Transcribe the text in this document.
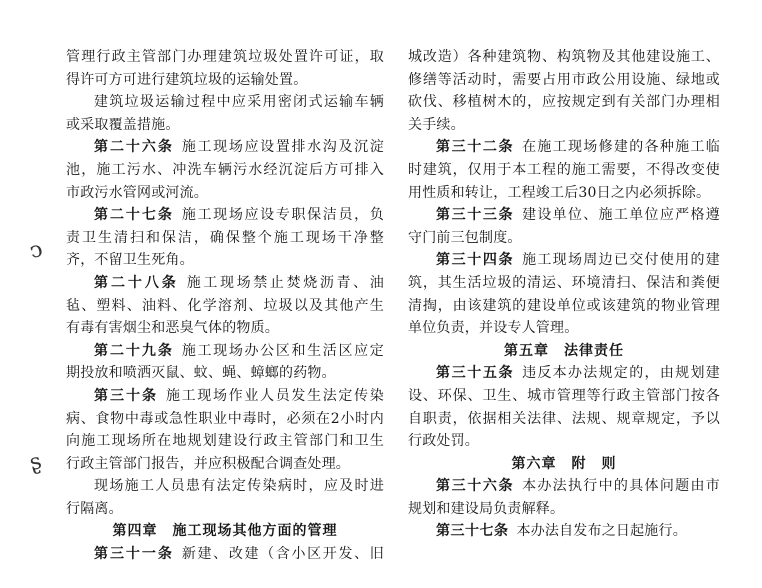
管理行政主管部门办理建筑垃圾处置许可证，取
得许可方可进行建筑垃圾的运输处置。
建筑垃圾运输过程中应采用密闭式运输车辆
或采取覆盖措施。
第二十六条 施工现场应设置排水沟及沉淀
池，施工污水、冲洗车辆污水经沉淀后方可排入
市政污水管网或河流。
第二十七条 施工现场应设专职保洁员，负
责卫生清扫和保洁，确保整个施工现场干净整
齐，不留卫生死角。
第二十八条 施工现场禁止焚烧沥青、油
毡、塑料、油料、化学溶剂、垃圾以及其他产生
有毒有害烟尘和恶臭气体的物质。
第二十九条 施工现场办公区和生活区应定
期投放和喷洒灭鼠、蚊、蝇、蟑螂的药物。
第三十条 施工现场作业人员发生法定传染
病、食物中毒或急性职业中毒时，必须在2小时内
向施工现场所在地规划建设行政主管部门和卫生
行政主管部门报告，并应积极配合调查处理。
现场施工人员患有法定传染病时，应及时进
行隔离。
第四章　施工现场其他方面的管理
第三十一条 新建、改建（含小区开发、旧
城改造）各种建筑物、构筑物及其他建设施工、
修缮等活动时，需要占用市政公用设施、绿地或
砍伐、移植树木的，应按规定到有关部门办理相
关手续。
第三十二条 在施工现场修建的各种施工临
时建筑，仅用于本工程的施工需要，不得改变使
用性质和转让，工程竣工后30日之内必须拆除。
第三十三条 建设单位、施工单位应严格遵
守门前三包制度。
第三十四条 施工现场周边已交付使用的建
筑，其生活垃圾的清运、环境清扫、保洁和粪便
清掏，由该建筑的建设单位或该建筑的物业管理
单位负责，并设专人管理。
第五章　法律责任
第三十五条 违反本办法规定的，由规划建
设、环保、卫生、城市管理等行政主管部门按各
自职责，依据相关法律、法规、规章规定，予以
行政处罚。
第六章　附　则
第三十六条 本办法执行中的具体问题由市
规划和建设局负责解释。
第三十七条 本办法自发布之日起施行。
ↄ
ʂ
